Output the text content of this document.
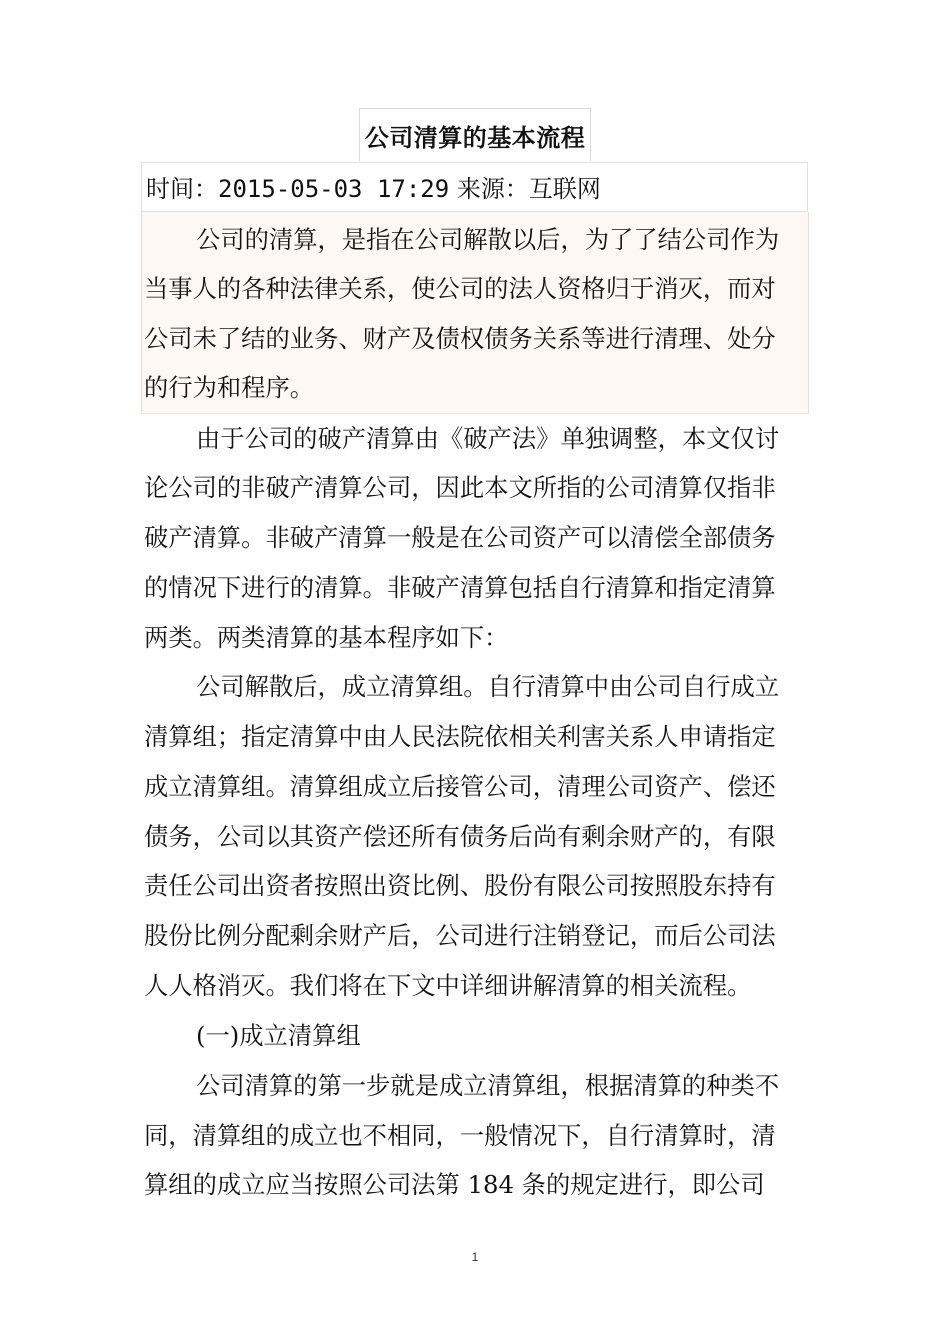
公司清算的基本流程
时间：2015-05-03 17:29 来源：互联网
公司的清算，是指在公司解散以后，为了了结公司作为
当事人的各种法律关系，使公司的法人资格归于消灭，而对
公司未了结的业务、财产及债权债务关系等进行清理、处分
的行为和程序。
由于公司的破产清算由《破产法》单独调整，本文仅讨
论公司的非破产清算公司，因此本文所指的公司清算仅指非
破产清算。非破产清算一般是在公司资产可以清偿全部债务
的情况下进行的清算。非破产清算包括自行清算和指定清算
两类。两类清算的基本程序如下：
公司解散后，成立清算组。自行清算中由公司自行成立
清算组；指定清算中由人民法院依相关利害关系人申请指定
成立清算组。清算组成立后接管公司，清理公司资产、偿还
债务，公司以其资产偿还所有债务后尚有剩余财产的，有限
责任公司出资者按照出资比例、股份有限公司按照股东持有
股份比例分配剩余财产后，公司进行注销登记，而后公司法
人人格消灭。我们将在下文中详细讲解清算的相关流程。
(一)成立清算组
公司清算的第一步就是成立清算组，根据清算的种类不
同，清算组的成立也不相同，一般情况下，自行清算时，清
算组的成立应当按照公司法第 184 条的规定进行，即公司
1
